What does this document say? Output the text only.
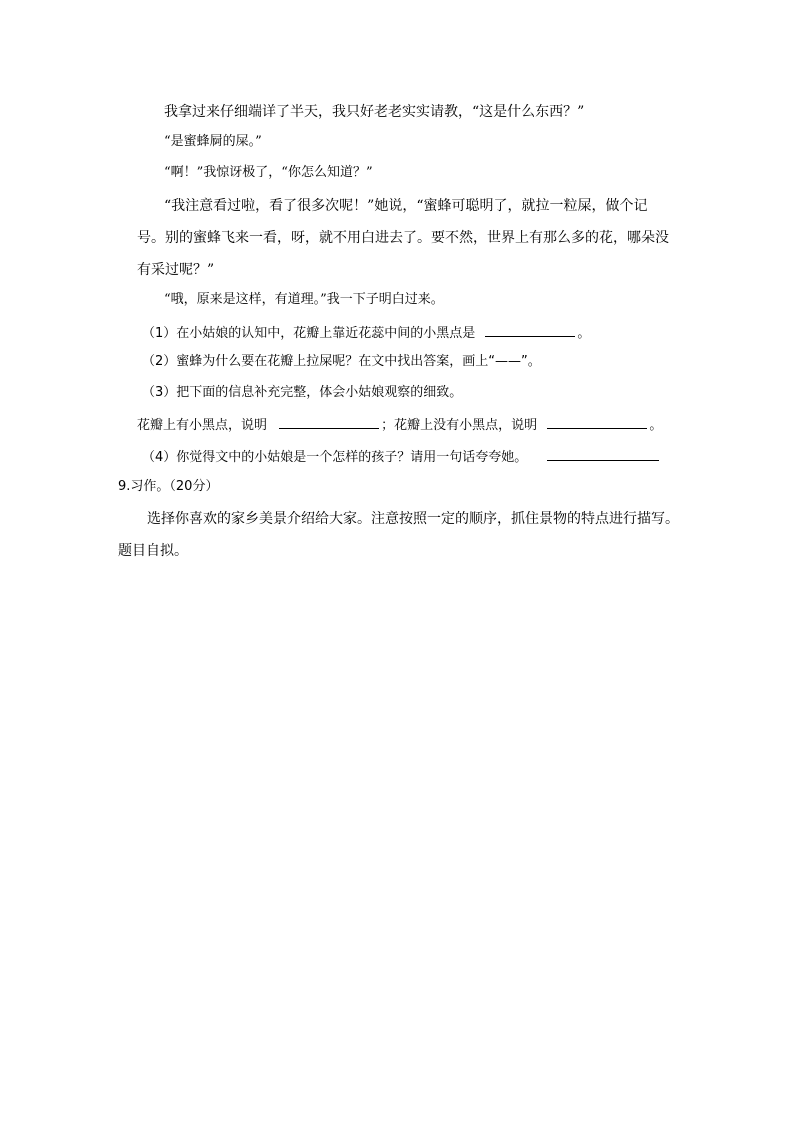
我拿过来仔细端详了半天，我只好老老实实请教，“这是什么东西？”
“是蜜蜂屙的屎。”
“啊！”我惊讶极了，“你怎么知道？”
“我注意看过啦，看了很多次呢！”她说，“蜜蜂可聪明了，就拉一粒屎，做个记
号。别的蜜蜂飞来一看，呀，就不用白进去了。要不然，世界上有那么多的花，哪朵没
有采过呢？”
“哦，原来是这样，有道理。”我一下子明白过来。
（1）在小姑娘的认知中，花瓣上靠近花蕊中间的小黑点是	。
（2）蜜蜂为什么要在花瓣上拉屎呢？在文中找出答案，画上“——”。
（3）把下面的信息补充完整，体会小姑娘观察的细致。
花瓣上有小黑点，说明	；花瓣上没有小黑点，说明	。
（4）你觉得文中的小姑娘是一个怎样的孩子？请用一句话夸夸她。
9.习作。（20分）
选择你喜欢的家乡美景介绍给大家。注意按照一定的顺序，抓住景物的特点进行描写。
题目自拟。
